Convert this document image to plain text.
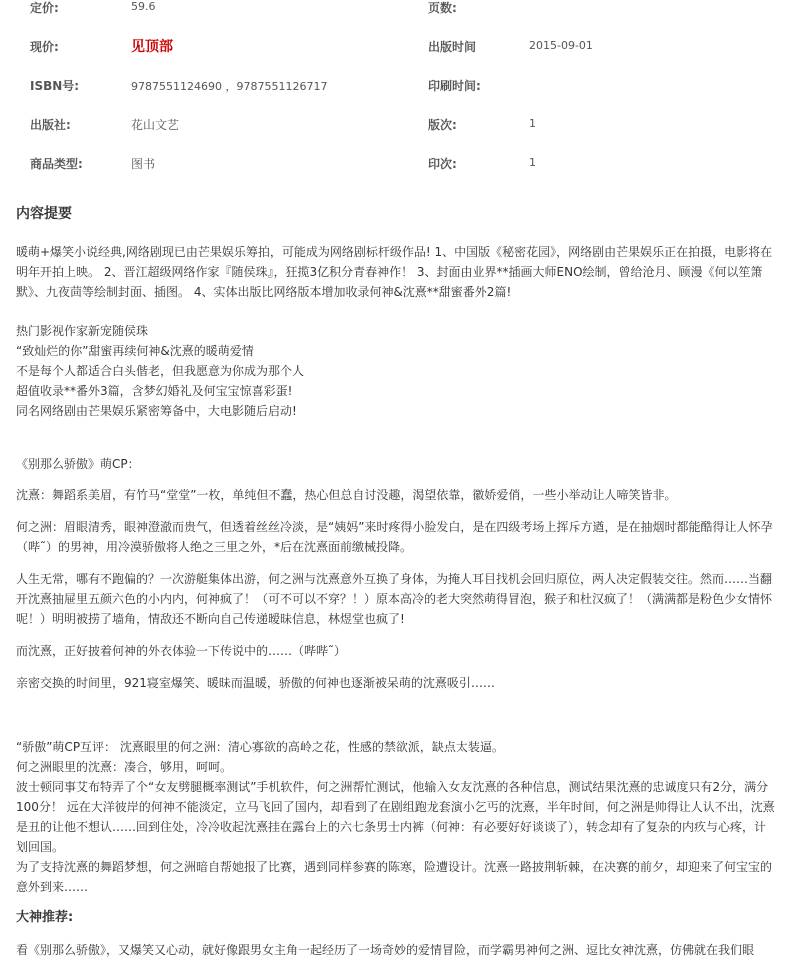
定价:	59.6	页数:
现价:	见顶部	出版时间	2015-09-01
ISBN号:	9787551124690 ，9787551126717	印刷时间:
出版社:	花山文艺	版次:	1
商品类型:	图书	印次:	1
内容提要

暖萌+爆笑小说经典,网络剧现已由芒果娱乐筹拍，可能成为网络剧标杆级作品! 1、中国版《秘密花园》，网络剧由芒果娱乐正在拍摄，电影将在明年开拍上映。 2、晋江超级网络作家『随侯珠』，狂揽3亿积分青春神作！ 3、封面由业界**插画大师ENO绘制，曾给沧月、顾漫《何以笙箫默》、九夜茴等绘制封面、插图。 4、实体出版比网络版本增加收录何神&沈熹**甜蜜番外2篇!

热门影视作家新宠随侯珠

“致灿烂的你”甜蜜再续何神&沈熹的暖萌爱情

不是每个人都适合白头偕老，但我愿意为你成为那个人

超值收录**番外3篇，含梦幻婚礼及何宝宝惊喜彩蛋!

同名网络剧由芒果娱乐紧密筹备中，大电影随后启动!

《别那么骄傲》萌CP：

沈熹：舞蹈系美眉，有竹马“堂堂”一枚，单纯但不蠢，热心但总自讨没趣，渴望依靠，徽娇爱俏，一些小举动让人啼笑皆非。

何之洲：眉眼清秀，眼神澄澈而贵气，但透着丝丝冷淡，是“姨妈”来时疼得小脸发白，是在四级考场上挥斥方遒，是在抽烟时都能酷得让人怀孕（哔˜）的男神，用冷漠骄傲将人绝之三里之外，*后在沈熹面前缴械投降。

人生无常，哪有不跑偏的？一次游艇集体出游，何之洲与沈熹意外互换了身体，为掩人耳目找机会回归原位，两人决定假装交往。然而……当翻开沈熹抽屉里五颜六色的小内内，何神疯了！（可不可以不穿？！）原本高冷的老大突然萌得冒泡，猴子和杜汉疯了！（满满都是粉色少女情怀呢！）明明被捞了墙角，情敌还不断向自己传递暧昧信息，林煜堂也疯了!

而沈熹，正好披着何神的外衣体验一下传说中的……（哔哔˜）

亲密交换的时间里，921寝室爆笑、暖昧而温暖，骄傲的何神也逐渐被呆萌的沈熹吸引……

“骄傲”萌CP互评： 沈熹眼里的何之洲：清心寡欲的高岭之花，性感的禁欲派，缺点太装逼。

何之洲眼里的沈熹：凑合，够用，呵呵。

波士顿同事艾布特弄了个“女友劈腿概率测试”手机软件，何之洲帮忙测试，他输入女友沈熹的各种信息，测试结果沈熹的忠诚度只有2分，满分100分！ 远在大洋彼岸的何神不能淡定，立马飞回了国内，却看到了在剧组跑龙套演小乞丐的沈熹，半年时间，何之洲是帅得让人认不出，沈熹是丑的让他不想认……回到住处，冷冷收起沈熹挂在露台上的六七条男士内裤（何神：有必要好好谈谈了），转念却有了复杂的内疚与心疼，计划回国。

为了支持沈熹的舞蹈梦想，何之洲暗自帮她报了比赛，遇到同样参赛的陈寒，险遭设计。沈熹一路披荆斩棘，在决赛的前夕，却迎来了何宝宝的意外到来……

大神推荐:

看《别那么骄傲》，又爆笑又心动，就好像跟男女主角一起经历了一场奇妙的爱情冒险，而学霸男神何之洲、逗比女神沈熹，仿佛就在我们眼
